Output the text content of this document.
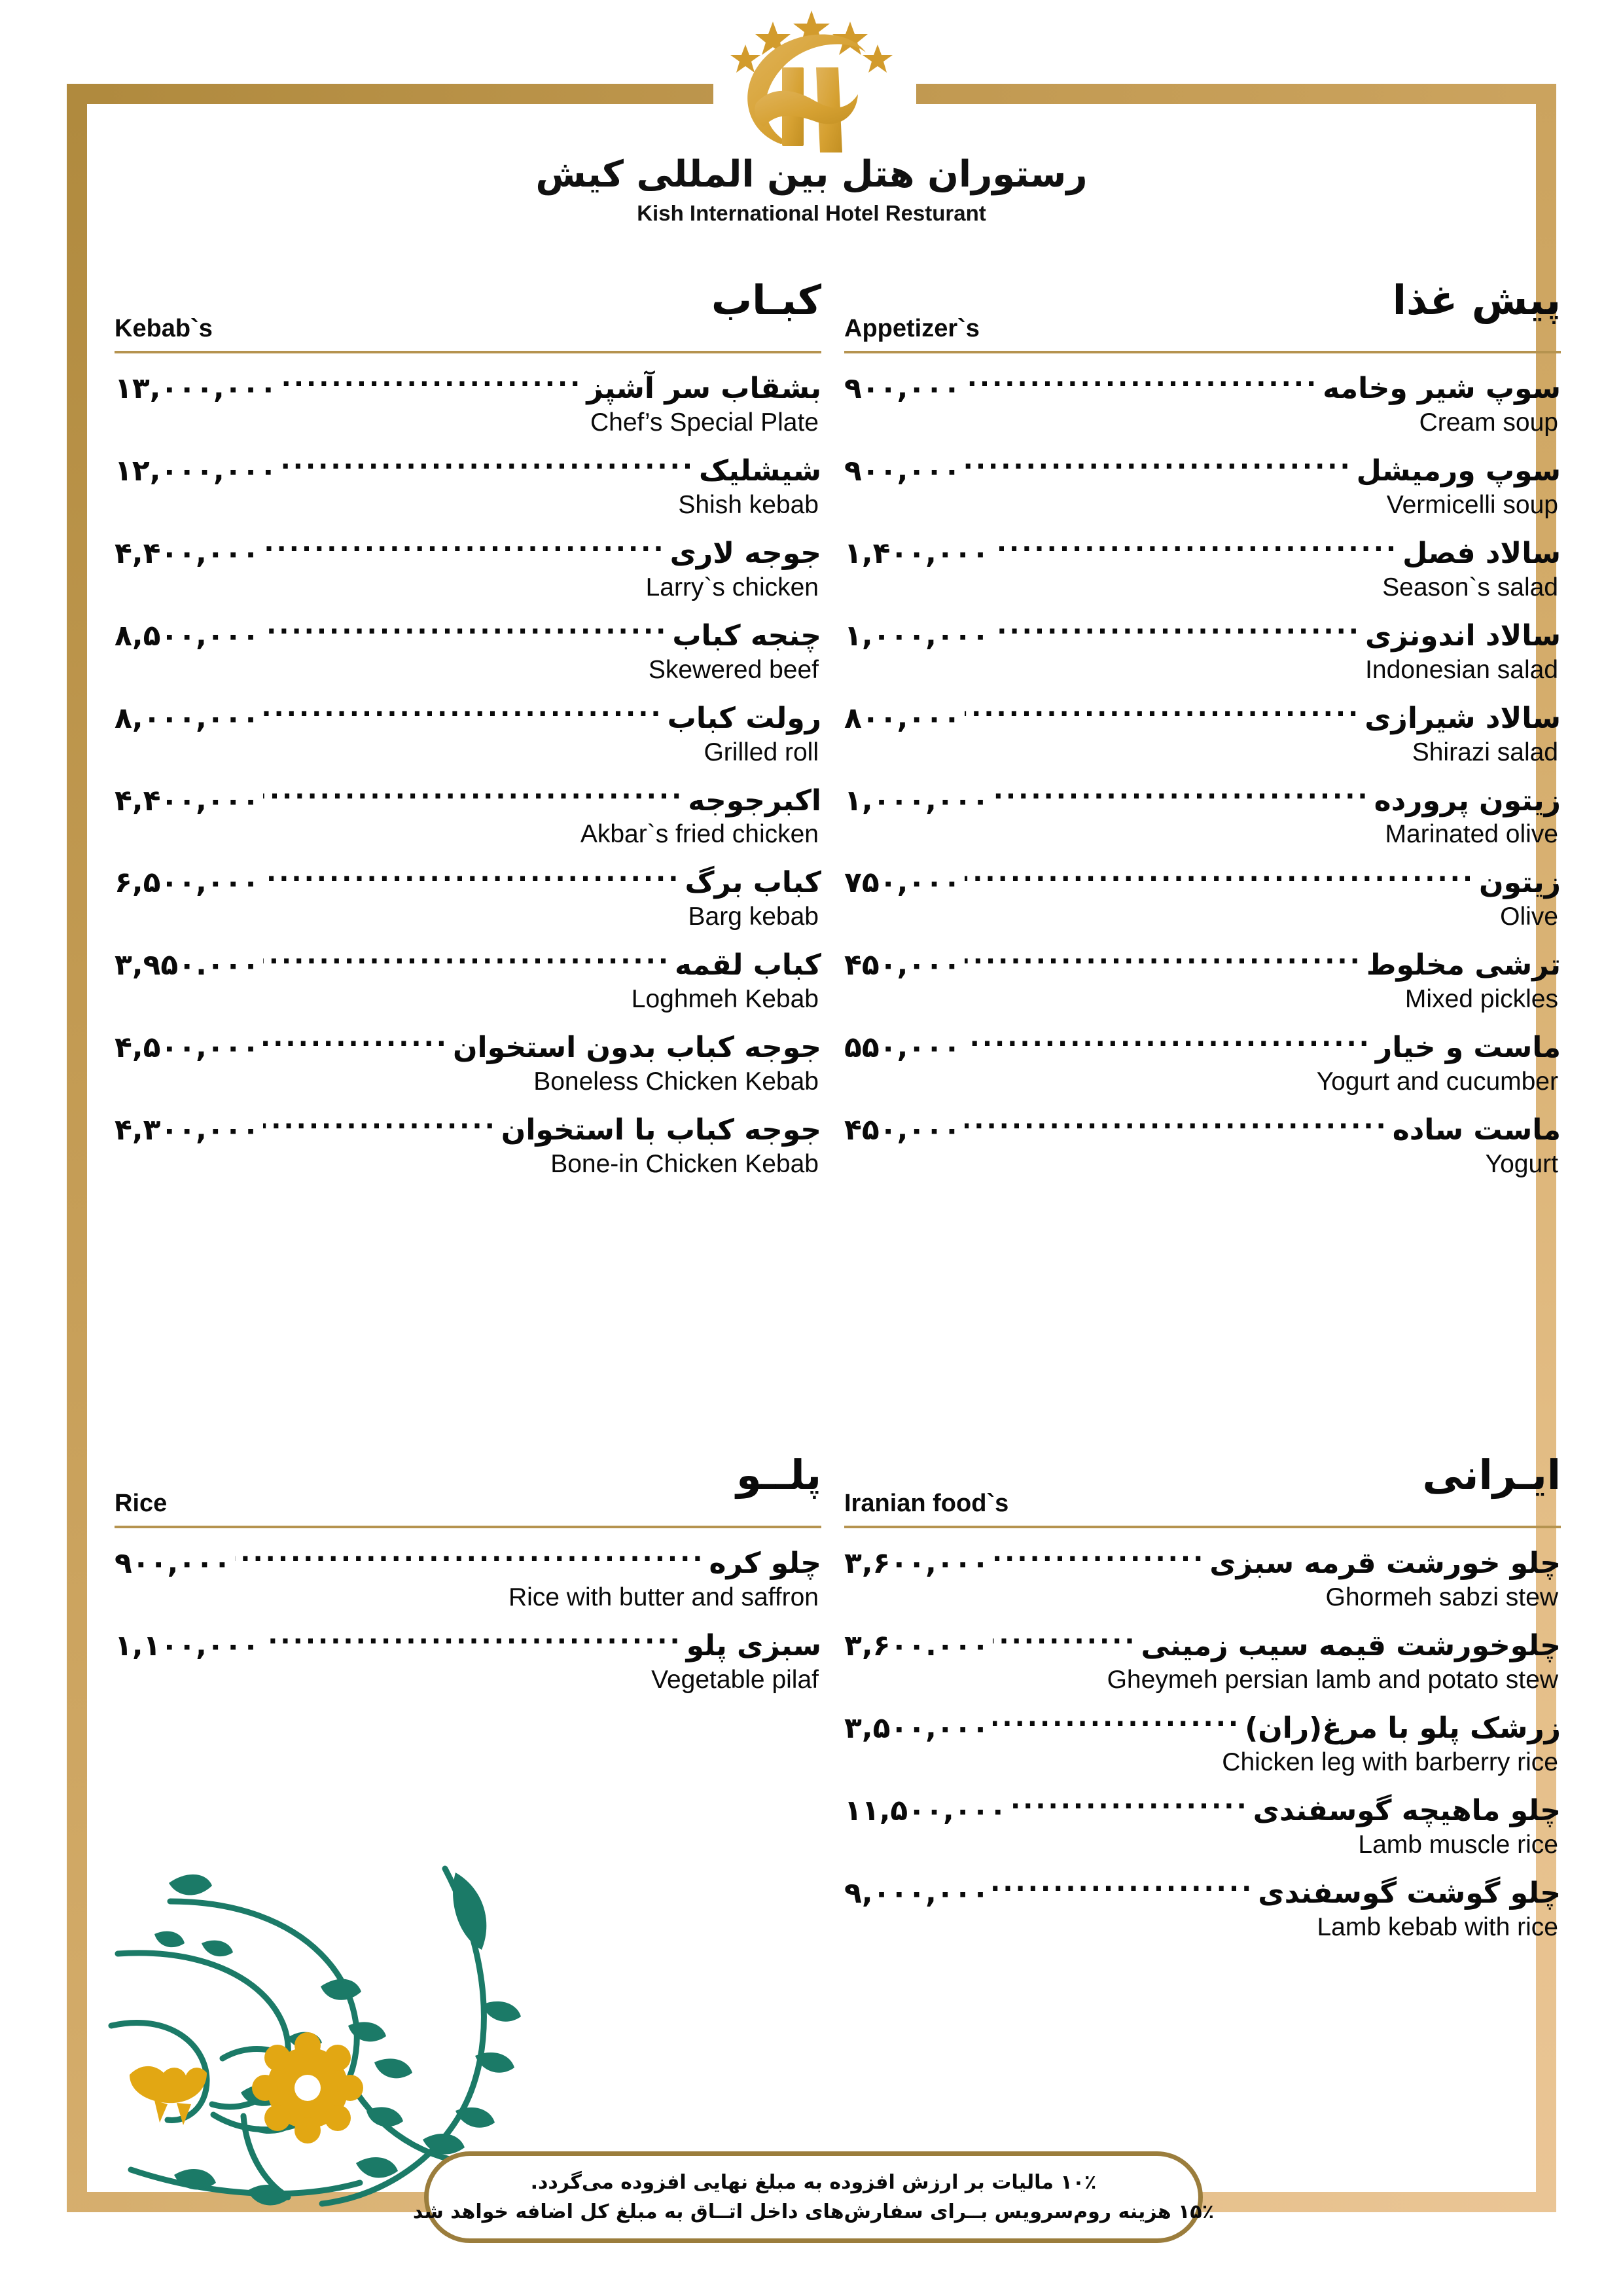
رستوران هتل بین المللی کیش
Kish International Hotel Resturant
کبـاب
Kebab`s
بشقاب سر آشپز
.....
۱۳,۰۰۰,۰۰۰
Chef’s Special Plate
شیشلیک
.....
۱۲,۰۰۰,۰۰۰
Shish kebab
جوجه لاری
.....
۴,۴۰۰,۰۰۰
Larry`s chicken
چنجه کباب
.....
۸,۵۰۰,۰۰۰
Skewered beef
رولت کباب
.....
۸,۰۰۰,۰۰۰
Grilled roll
اکبرجوجه
.....
۴,۴۰۰,۰۰۰
Akbar`s fried chicken
کباب برگ
.....
۶,۵۰۰,۰۰۰
Barg kebab
کباب لقمه
.....
۳,۹۵۰.۰۰۰
Loghmeh Kebab
جوجه کباب بدون استخوان
.....
۴,۵۰۰,۰۰۰
Boneless Chicken Kebab
جوجه کباب با استخوان
.....
۴,۳۰۰,۰۰۰
Bone-in Chicken Kebab
پیش غذا
Appetizer`s
سوپ شیر وخامه
.....
۹۰۰,۰۰۰
Cream soup
سوپ ورمیشل
.....
۹۰۰,۰۰۰
Vermicelli soup
سالاد فصل
.....
۱,۴۰۰,۰۰۰
Season`s salad
سالاد اندونزی
.....
۱,۰۰۰,۰۰۰
Indonesian salad
سالاد شیرازی
.....
۸۰۰,۰۰۰
Shirazi salad
زیتون پرورده
.....
۱,۰۰۰,۰۰۰
Marinated olive
زیتون
.....
۷۵۰,۰۰۰
Olive
ترشی مخلوط
.....
۴۵۰,۰۰۰
Mixed pickles
ماست و خیار
.....
۵۵۰,۰۰۰
Yogurt and cucumber
ماست ساده
.....
۴۵۰,۰۰۰
Yogurt
پلــو
Rice
چلو کره
.....
۹۰۰,۰۰۰
Rice with butter and saffron
سبزی پلو
.....
۱,۱۰۰,۰۰۰
Vegetable pilaf
ایـرانی
Iranian food`s
چلو خورشت قرمه سبزی
.....
۳,۶۰۰,۰۰۰
Ghormeh sabzi stew
چلوخورشت قیمه سیب زمینی
.....
۳,۶۰۰.۰۰۰
Gheymeh persian lamb and potato stew
زرشک پلو با مرغ(ران)
.....
۳,۵۰۰,۰۰۰
Chicken leg with barberry rice
چلو ماهیچه گوسفندی
.....
۱۱,۵۰۰,۰۰۰
Lamb muscle rice
چلو گوشت گوسفندی
.....
۹,۰۰۰,۰۰۰
Lamb kebab with rice
۱۰٪ مالیات بر ارزش افزوده به مبلغ نهایی افزوده می‌گردد.
۱۵٪ هزینه روم‌سرویس بــرای سفارش‌های داخل اتــاق به مبلغ کل اضافه خواهد شد
